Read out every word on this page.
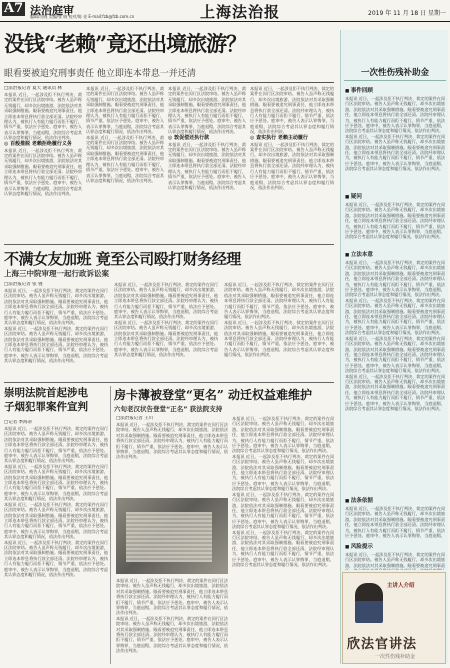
A7 法治庭审
编辑/厉晓 美编/张 晓 校对/陈 亮 E-mail:fzb@fzb.com.cn	上海法治报	2019 年 11 月 18 日 星期一
没钱“老赖”竟还出境旅游？
眼看要被追究刑事责任 他立即连本带息一并还清
□法治报记者 夏天 通讯员 林
本报讯 近日，一起涉及拒不执行判决、裁定的案件在闵行区法院审结。被告人虽声称无钱履行，却多次出境旅游，法院依法对其采取强制措施。眼看要被追究刑事责任，他立即连本带息将执行款全部还清。法院经审理认为，被执行人有能力履行而拒不履行，情节严重，依法应予惩处。庭审中，被告人表示认罪悔罪，当庭退赔，法院综合考虑其认罪态度和履行情况，依法作出判决。
◎ 百般推脱 老赖拒绝履行义务
本报讯 近日，一起涉及拒不执行判决、裁定的案件在闵行区法院审结。被告人虽声称无钱履行，却多次出境旅游，法院依法对其采取强制措施。眼看要被追究刑事责任，他立即连本带息将执行款全部还清。法院经审理认为，被执行人有能力履行而拒不履行，情节严重，依法应予惩处。庭审中，被告人表示认罪悔罪，当庭退赔，法院综合考虑其认罪态度和履行情况，依法作出判决。
本报讯 近日，一起涉及拒不执行判决、裁定的案件在闵行区法院审结。被告人虽声称无钱履行，却多次出境旅游，法院依法对其采取强制措施。眼看要被追究刑事责任，他立即连本带息将执行款全部还清。法院经审理认为，被执行人有能力履行而拒不履行，情节严重，依法应予惩处。庭审中，被告人表示认罪悔罪，当庭退赔，法院综合考虑其认罪态度和履行情况，依法作出判决。
本报讯 近日，一起涉及拒不执行判决、裁定的案件在闵行区法院审结。被告人虽声称无钱履行，却多次出境旅游，法院依法对其采取强制措施。眼看要被追究刑事责任，他立即连本带息将执行款全部还清。法院经审理认为，被执行人有能力履行而拒不履行，情节严重，依法应予惩处。庭审中，被告人表示认罪悔罪，当庭退赔，法院综合考虑其认罪态度和履行情况，依法作出判决。
本报讯 近日，一起涉及拒不执行判决、裁定的案件在闵行区法院审结。被告人虽声称无钱履行，却多次出境旅游，法院依法对其采取强制措施。眼看要被追究刑事责任，他立即连本带息将执行款全部还清。法院经审理认为，被执行人有能力履行而拒不履行，情节严重，依法应予惩处。庭审中，被告人表示认罪悔罪，当庭退赔，法院综合考虑其认罪态度和履行情况，依法作出判决。
◎ 敦促偿还执行款
本报讯 近日，一起涉及拒不执行判决、裁定的案件在闵行区法院审结。被告人虽声称无钱履行，却多次出境旅游，法院依法对其采取强制措施。眼看要被追究刑事责任，他立即连本带息将执行款全部还清。法院经审理认为，被执行人有能力履行而拒不履行，情节严重，依法应予惩处。庭审中，被告人表示认罪悔罪，当庭退赔，法院综合考虑其认罪态度和履行情况，依法作出判决。
本报讯 近日，一起涉及拒不执行判决、裁定的案件在闵行区法院审结。被告人虽声称无钱履行，却多次出境旅游，法院依法对其采取强制措施。眼看要被追究刑事责任，他立即连本带息将执行款全部还清。法院经审理认为，被执行人有能力履行而拒不履行，情节严重，依法应予惩处。庭审中，被告人表示认罪悔罪，当庭退赔，法院综合考虑其认罪态度和履行情况，依法作出判决。
◎ 查实执行 老赖主动履行
本报讯 近日，一起涉及拒不执行判决、裁定的案件在闵行区法院审结。被告人虽声称无钱履行，却多次出境旅游，法院依法对其采取强制措施。眼看要被追究刑事责任，他立即连本带息将执行款全部还清。法院经审理认为，被执行人有能力履行而拒不履行，情节严重，依法应予惩处。庭审中，被告人表示认罪悔罪，当庭退赔，法院综合考虑其认罪态度和履行情况，依法作出判决。
不满女友加班 竟至公司殴打财务经理
上海三中院审理一起行政诉讼案
□法治报记者 张 驰
本报讯 近日，一起涉及拒不执行判决、裁定的案件在闵行区法院审结。被告人虽声称无钱履行，却多次出境旅游，法院依法对其采取强制措施。眼看要被追究刑事责任，他立即连本带息将执行款全部还清。法院经审理认为，被执行人有能力履行而拒不履行，情节严重，依法应予惩处。庭审中，被告人表示认罪悔罪，当庭退赔，法院综合考虑其认罪态度和履行情况，依法作出判决。
本报讯 近日，一起涉及拒不执行判决、裁定的案件在闵行区法院审结。被告人虽声称无钱履行，却多次出境旅游，法院依法对其采取强制措施。眼看要被追究刑事责任，他立即连本带息将执行款全部还清。法院经审理认为，被执行人有能力履行而拒不履行，情节严重，依法应予惩处。庭审中，被告人表示认罪悔罪，当庭退赔，法院综合考虑其认罪态度和履行情况，依法作出判决。
本报讯 近日，一起涉及拒不执行判决、裁定的案件在闵行区法院审结。被告人虽声称无钱履行，却多次出境旅游，法院依法对其采取强制措施。眼看要被追究刑事责任，他立即连本带息将执行款全部还清。法院经审理认为，被执行人有能力履行而拒不履行，情节严重，依法应予惩处。庭审中，被告人表示认罪悔罪，当庭退赔，法院综合考虑其认罪态度和履行情况，依法作出判决。
本报讯 近日，一起涉及拒不执行判决、裁定的案件在闵行区法院审结。被告人虽声称无钱履行，却多次出境旅游，法院依法对其采取强制措施。眼看要被追究刑事责任，他立即连本带息将执行款全部还清。法院经审理认为，被执行人有能力履行而拒不履行，情节严重，依法应予惩处。庭审中，被告人表示认罪悔罪，当庭退赔，法院综合考虑其认罪态度和履行情况，依法作出判决。
本报讯 近日，一起涉及拒不执行判决、裁定的案件在闵行区法院审结。被告人虽声称无钱履行，却多次出境旅游，法院依法对其采取强制措施。眼看要被追究刑事责任，他立即连本带息将执行款全部还清。法院经审理认为，被执行人有能力履行而拒不履行，情节严重，依法应予惩处。庭审中，被告人表示认罪悔罪，当庭退赔，法院综合考虑其认罪态度和履行情况，依法作出判决。
本报讯 近日，一起涉及拒不执行判决、裁定的案件在闵行区法院审结。被告人虽声称无钱履行，却多次出境旅游，法院依法对其采取强制措施。眼看要被追究刑事责任，他立即连本带息将执行款全部还清。法院经审理认为，被执行人有能力履行而拒不履行，情节严重，依法应予惩处。庭审中，被告人表示认罪悔罪，当庭退赔，法院综合考虑其认罪态度和履行情况，依法作出判决。
崇明法院首起涉电子烟犯罪案件宣判
□记者 季海蒂
本报讯 近日，一起涉及拒不执行判决、裁定的案件在闵行区法院审结。被告人虽声称无钱履行，却多次出境旅游，法院依法对其采取强制措施。眼看要被追究刑事责任，他立即连本带息将执行款全部还清。法院经审理认为，被执行人有能力履行而拒不履行，情节严重，依法应予惩处。庭审中，被告人表示认罪悔罪，当庭退赔，法院综合考虑其认罪态度和履行情况，依法作出判决。
本报讯 近日，一起涉及拒不执行判决、裁定的案件在闵行区法院审结。被告人虽声称无钱履行，却多次出境旅游，法院依法对其采取强制措施。眼看要被追究刑事责任，他立即连本带息将执行款全部还清。法院经审理认为，被执行人有能力履行而拒不履行，情节严重，依法应予惩处。庭审中，被告人表示认罪悔罪，当庭退赔，法院综合考虑其认罪态度和履行情况，依法作出判决。
本报讯 近日，一起涉及拒不执行判决、裁定的案件在闵行区法院审结。被告人虽声称无钱履行，却多次出境旅游，法院依法对其采取强制措施。眼看要被追究刑事责任，他立即连本带息将执行款全部还清。法院经审理认为，被执行人有能力履行而拒不履行，情节严重，依法应予惩处。庭审中，被告人表示认罪悔罪，当庭退赔，法院综合考虑其认罪态度和履行情况，依法作出判决。
本报讯 近日，一起涉及拒不执行判决、裁定的案件在闵行区法院审结。被告人虽声称无钱履行，却多次出境旅游，法院依法对其采取强制措施。眼看要被追究刑事责任，他立即连本带息将执行款全部还清。法院经审理认为，被执行人有能力履行而拒不履行，情节严重，依法应予惩处。庭审中，被告人表示认罪悔罪，当庭退赔，法院综合考虑其认罪态度和履行情况，依法作出判决。
房卡薄被登堂“更名” 动迁权益难维护
六旬老汉状告登堂“正名” 获法院支持
□法治报记者 王川
本报讯 近日，一起涉及拒不执行判决、裁定的案件在闵行区法院审结。被告人虽声称无钱履行，却多次出境旅游，法院依法对其采取强制措施。眼看要被追究刑事责任，他立即连本带息将执行款全部还清。法院经审理认为，被执行人有能力履行而拒不履行，情节严重，依法应予惩处。庭审中，被告人表示认罪悔罪，当庭退赔，法院综合考虑其认罪态度和履行情况，依法作出判决。
本报讯 近日，一起涉及拒不执行判决、裁定的案件在闵行区法院审结。被告人虽声称无钱履行，却多次出境旅游，法院依法对其采取强制措施。眼看要被追究刑事责任，他立即连本带息将执行款全部还清。法院经审理认为，被执行人有能力履行而拒不履行，情节严重，依法应予惩处。庭审中，被告人表示认罪悔罪，当庭退赔，法院综合考虑其认罪态度和履行情况，依法作出判决。
本报讯 近日，一起涉及拒不执行判决、裁定的案件在闵行区法院审结。被告人虽声称无钱履行，却多次出境旅游，法院依法对其采取强制措施。眼看要被追究刑事责任，他立即连本带息将执行款全部还清。法院经审理认为，被执行人有能力履行而拒不履行，情节严重，依法应予惩处。庭审中，被告人表示认罪悔罪，当庭退赔，法院综合考虑其认罪态度和履行情况，依法作出判决。
本报讯 近日，一起涉及拒不执行判决、裁定的案件在闵行区法院审结。被告人虽声称无钱履行，却多次出境旅游，法院依法对其采取强制措施。眼看要被追究刑事责任，他立即连本带息将执行款全部还清。法院经审理认为，被执行人有能力履行而拒不履行，情节严重，依法应予惩处。庭审中，被告人表示认罪悔罪，当庭退赔，法院综合考虑其认罪态度和履行情况，依法作出判决。
本报讯 近日，一起涉及拒不执行判决、裁定的案件在闵行区法院审结。被告人虽声称无钱履行，却多次出境旅游，法院依法对其采取强制措施。眼看要被追究刑事责任，他立即连本带息将执行款全部还清。法院经审理认为，被执行人有能力履行而拒不履行，情节严重，依法应予惩处。庭审中，被告人表示认罪悔罪，当庭退赔，法院综合考虑其认罪态度和履行情况，依法作出判决。
本报讯 近日，一起涉及拒不执行判决、裁定的案件在闵行区法院审结。被告人虽声称无钱履行，却多次出境旅游，法院依法对其采取强制措施。眼看要被追究刑事责任，他立即连本带息将执行款全部还清。法院经审理认为，被执行人有能力履行而拒不履行，情节严重，依法应予惩处。庭审中，被告人表示认罪悔罪，当庭退赔，法院综合考虑其认罪态度和履行情况，依法作出判决。
本报讯 近日，一起涉及拒不执行判决、裁定的案件在闵行区法院审结。被告人虽声称无钱履行，却多次出境旅游，法院依法对其采取强制措施。眼看要被追究刑事责任，他立即连本带息将执行款全部还清。法院经审理认为，被执行人有能力履行而拒不履行，情节严重，依法应予惩处。庭审中，被告人表示认罪悔罪，当庭退赔，法院综合考虑其认罪态度和履行情况，依法作出判决。
一次性伤残补助金
■ 事件回顾
本报讯 近日，一起涉及拒不执行判决、裁定的案件在闵行区法院审结。被告人虽声称无钱履行，却多次出境旅游，法院依法对其采取强制措施。眼看要被追究刑事责任，他立即连本带息将执行款全部还清。法院经审理认为，被执行人有能力履行而拒不履行，情节严重，依法应予惩处。庭审中，被告人表示认罪悔罪，当庭退赔，法院综合考虑其认罪态度和履行情况，依法作出判决。
本报讯 近日，一起涉及拒不执行判决、裁定的案件在闵行区法院审结。被告人虽声称无钱履行，却多次出境旅游，法院依法对其采取强制措施。眼看要被追究刑事责任，他立即连本带息将执行款全部还清。法院经审理认为，被执行人有能力履行而拒不履行，情节严重，依法应予惩处。庭审中，被告人表示认罪悔罪，当庭退赔，法院综合考虑其认罪态度和履行情况，依法作出判决。
■ 疑问
本报讯 近日，一起涉及拒不执行判决、裁定的案件在闵行区法院审结。被告人虽声称无钱履行，却多次出境旅游，法院依法对其采取强制措施。眼看要被追究刑事责任，他立即连本带息将执行款全部还清。法院经审理认为，被执行人有能力履行而拒不履行，情节严重，依法应予惩处。庭审中，被告人表示认罪悔罪，当庭退赔，法院综合考虑其认罪态度和履行情况，依法作出判决。
■ 立法本意
本报讯 近日，一起涉及拒不执行判决、裁定的案件在闵行区法院审结。被告人虽声称无钱履行，却多次出境旅游，法院依法对其采取强制措施。眼看要被追究刑事责任，他立即连本带息将执行款全部还清。法院经审理认为，被执行人有能力履行而拒不履行，情节严重，依法应予惩处。庭审中，被告人表示认罪悔罪，当庭退赔，法院综合考虑其认罪态度和履行情况，依法作出判决。
本报讯 近日，一起涉及拒不执行判决、裁定的案件在闵行区法院审结。被告人虽声称无钱履行，却多次出境旅游，法院依法对其采取强制措施。眼看要被追究刑事责任，他立即连本带息将执行款全部还清。法院经审理认为，被执行人有能力履行而拒不履行，情节严重，依法应予惩处。庭审中，被告人表示认罪悔罪，当庭退赔，法院综合考虑其认罪态度和履行情况，依法作出判决。
本报讯 近日，一起涉及拒不执行判决、裁定的案件在闵行区法院审结。被告人虽声称无钱履行，却多次出境旅游，法院依法对其采取强制措施。眼看要被追究刑事责任，他立即连本带息将执行款全部还清。法院经审理认为，被执行人有能力履行而拒不履行，情节严重，依法应予惩处。庭审中，被告人表示认罪悔罪，当庭退赔，法院综合考虑其认罪态度和履行情况，依法作出判决。
本报讯 近日，一起涉及拒不执行判决、裁定的案件在闵行区法院审结。被告人虽声称无钱履行，却多次出境旅游，法院依法对其采取强制措施。眼看要被追究刑事责任，他立即连本带息将执行款全部还清。法院经审理认为，被执行人有能力履行而拒不履行，情节严重，依法应予惩处。庭审中，被告人表示认罪悔罪，当庭退赔，法院综合考虑其认罪态度和履行情况，依法作出判决。
■ 法条依据
本报讯 近日，一起涉及拒不执行判决、裁定的案件在闵行区法院审结。被告人虽声称无钱履行，却多次出境旅游，法院依法对其采取强制措施。眼看要被追究刑事责任，他立即连本带息将执行款全部还清。法院经审理认为，被执行人有能力履行而拒不履行，情节严重，依法应予惩处。庭审中，被告人表示认罪悔罪，当庭退赔，
■ 风险提示
本报讯 近日，一起涉及拒不执行判决、裁定的案件在闵行区法院审结。被告人虽声称无钱履行，却多次出境旅游，法院依法对其采取强制措施。眼看要被追究刑事责
主讲人介绍
欣法官讲法
一次性伤残补助金
